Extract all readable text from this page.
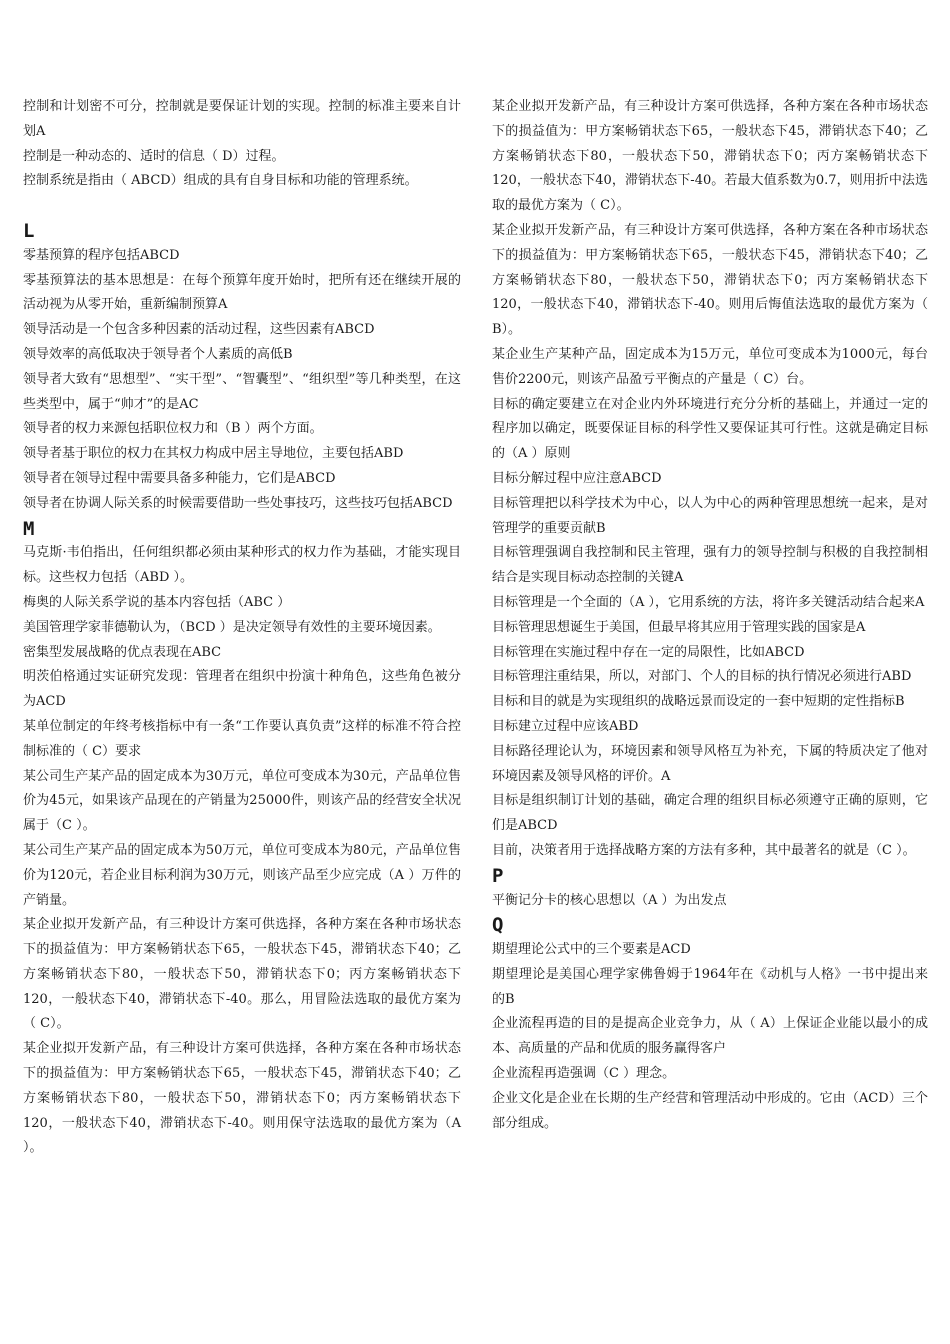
控制和计划密不可分，控制就是要保证计划的实现。控制的标准主要来自计划A

控制是一种动态的、适时的信息（ D）过程。

控制系统是指由（ ABCD）组成的具有自身目标和功能的管理系统。

L

零基预算的程序包括ABCD

零基预算法的基本思想是：在每个预算年度开始时，把所有还在继续开展的活动视为从零开始，重新编制预算A

领导活动是一个包含多种因素的活动过程，这些因素有ABCD

领导效率的高低取决于领导者个人素质的高低B

领导者大致有“思想型”、“实干型”、“智囊型”、“组织型”等几种类型，在这些类型中，属于“帅才”的是AC

领导者的权力来源包括职位权力和（B ）两个方面。

领导者基于职位的权力在其权力构成中居主导地位，主要包括ABD

领导者在领导过程中需要具备多种能力，它们是ABCD

领导者在协调人际关系的时候需要借助一些处事技巧，这些技巧包括ABCD

M

马克斯·韦伯指出，任何组织都必须由某种形式的权力作为基础，才能实现目标。这些权力包括（ABD ）。

梅奥的人际关系学说的基本内容包括（ABC ）

美国管理学家菲德勒认为，（BCD ）是决定领导有效性的主要环境因素。

密集型发展战略的优点表现在ABC

明茨伯格通过实证研究发现：管理者在组织中扮演十种角色，这些角色被分为ACD

某单位制定的年终考核指标中有一条“工作要认真负责”这样的标准不符合控制标准的（ C）要求

某公司生产某产品的固定成本为30万元，单位可变成本为30元，产品单位售价为45元，如果该产品现在的产销量为25000件，则该产品的经营安全状况属于（C ）。

某公司生产某产品的固定成本为50万元，单位可变成本为80元，产品单位售价为120元，若企业目标利润为30万元，则该产品至少应完成（A ）万件的产销量。

某企业拟开发新产品，有三种设计方案可供选择，各种方案在各种市场状态下的损益值为：甲方案畅销状态下65，一般状态下45，滞销状态下40；乙方案畅销状态下80，一般状态下50，滞销状态下0；丙方案畅销状态下120，一般状态下40，滞销状态下-40。那么，用冒险法选取的最优方案为（ C）。

某企业拟开发新产品，有三种设计方案可供选择，各种方案在各种市场状态下的损益值为：甲方案畅销状态下65，一般状态下45，滞销状态下40；乙方案畅销状态下80，一般状态下50，滞销状态下0；丙方案畅销状态下120，一般状态下40，滞销状态下-40。则用保守法选取的最优方案为（A ）。

某企业拟开发新产品，有三种设计方案可供选择，各种方案在各种市场状态下的损益值为：甲方案畅销状态下65，一般状态下45，滞销状态下40；乙方案畅销状态下80，一般状态下50，滞销状态下0；丙方案畅销状态下120，一般状态下40，滞销状态下-40。若最大值系数为0.7，则用折中法选取的最优方案为（ C）。

某企业拟开发新产品，有三种设计方案可供选择，各种方案在各种市场状态下的损益值为：甲方案畅销状态下65，一般状态下45，滞销状态下40；乙方案畅销状态下80，一般状态下50，滞销状态下0；丙方案畅销状态下120，一般状态下40，滞销状态下-40。则用后悔值法选取的最优方案为（ B）。

某企业生产某种产品，固定成本为15万元，单位可变成本为1000元，每台售价2200元，则该产品盈亏平衡点的产量是（ C）台。

目标的确定要建立在对企业内外环境进行充分分析的基础上，并通过一定的程序加以确定，既要保证目标的科学性又要保证其可行性。这就是确定目标的（A ）原则

目标分解过程中应注意ABCD

目标管理把以科学技术为中心，以人为中心的两种管理思想统一起来，是对管理学的重要贡献B

目标管理强调自我控制和民主管理，强有力的领导控制与积极的自我控制相结合是实现目标动态控制的关键A

目标管理是一个全面的（A ），它用系统的方法，将许多关键活动结合起来A

目标管理思想诞生于美国，但最早将其应用于管理实践的国家是A

目标管理在实施过程中存在一定的局限性，比如ABCD

目标管理注重结果，所以，对部门、个人的目标的执行情况必须进行ABD

目标和目的就是为实现组织的战略远景而设定的一套中短期的定性指标B

目标建立过程中应该ABD

目标路径理论认为，环境因素和领导风格互为补充，下属的特质决定了他对环境因素及领导风格的评价。A

目标是组织制订计划的基础，确定合理的组织目标必须遵守正确的原则，它们是ABCD

目前，决策者用于选择战略方案的方法有多种，其中最著名的就是（C ）。

P

平衡记分卡的核心思想以（A ）为出发点

Q

期望理论公式中的三个要素是ACD

期望理论是美国心理学家佛鲁姆于1964年在《动机与人格》一书中提出来的B

企业流程再造的目的是提高企业竞争力，从（ A）上保证企业能以最小的成本、高质量的产品和优质的服务赢得客户

企业流程再造强调（C ）理念。

企业文化是企业在长期的生产经营和管理活动中形成的。它由（ACD）三个部分组成。
